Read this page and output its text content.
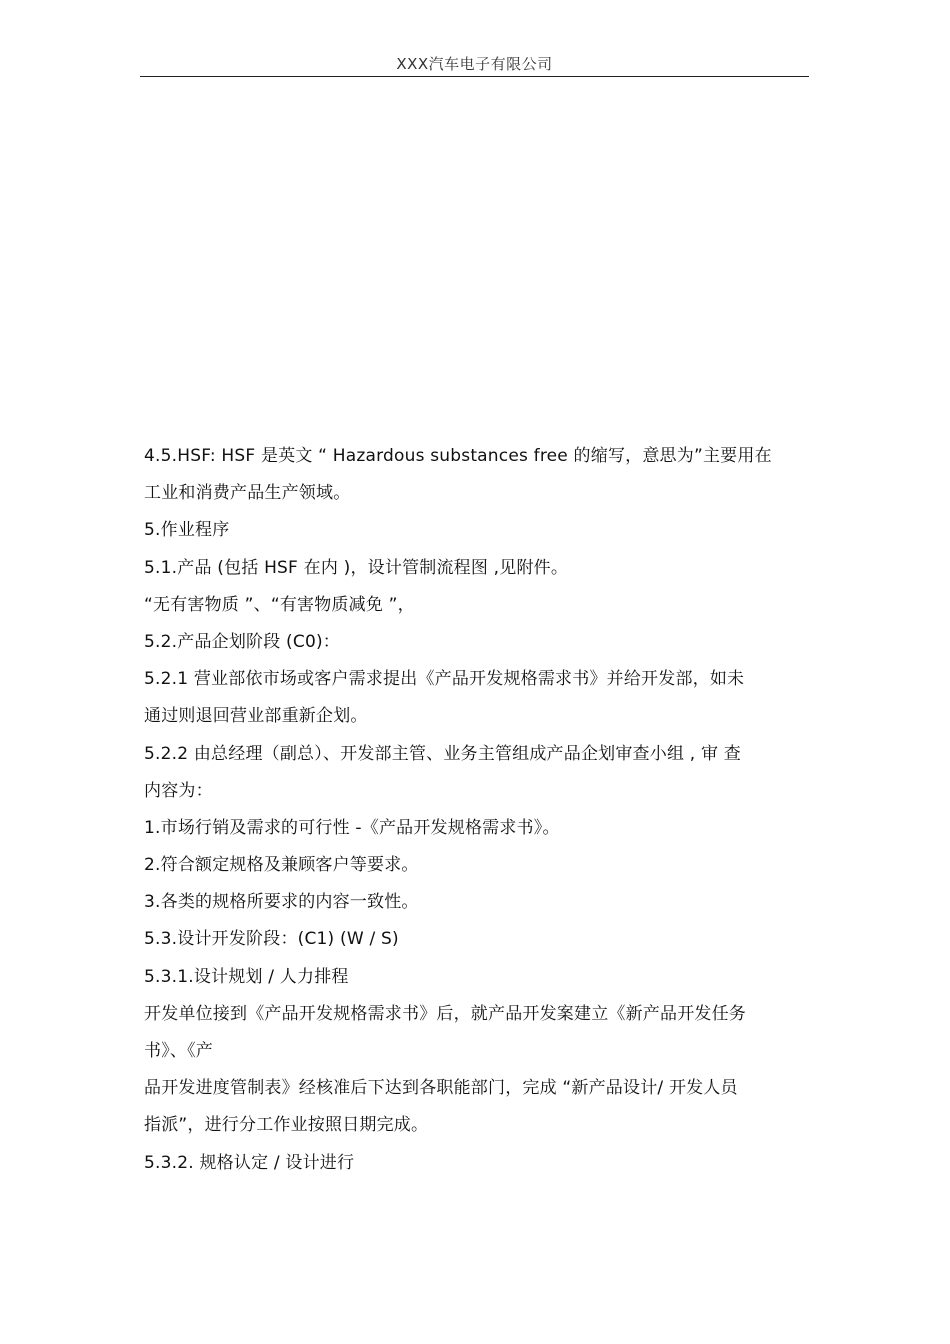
XXX汽车电子有限公司
4.5.HSF: HSF 是英文 “ Hazardous substances free 的缩写，意思为”主要用在
工业和消费产品生产领域。
5.作业程序
5.1.产品 (包括 HSF 在内 )，设计管制流程图 ,见附件。
“无有害物质 ”、“有害物质减免 ”，
5.2.产品企划阶段 (C0)：
5.2.1 营业部依市场或客户需求提出《产品开发规格需求书》并给开发部，如未
通过则退回营业部重新企划。
5.2.2 由总经理（副总）、开发部主管、业务主管组成产品企划审查小组 , 审 查
内容为：
1.市场行销及需求的可行性 -《产品开发规格需求书》。
2.符合额定规格及兼顾客户等要求。
3.各类的规格所要求的内容一致性。
5.3.设计开发阶段：(C1) (W / S)
5.3.1.设计规划 / 人力排程
开发单位接到《产品开发规格需求书》后，就产品开发案建立《新产品开发任务
书》、《产
品开发进度管制表》经核准后下达到各职能部门，完成 “新产品设计/ 开发人员
指派”，进行分工作业按照日期完成。
5.3.2. 规格认定 / 设计进行
